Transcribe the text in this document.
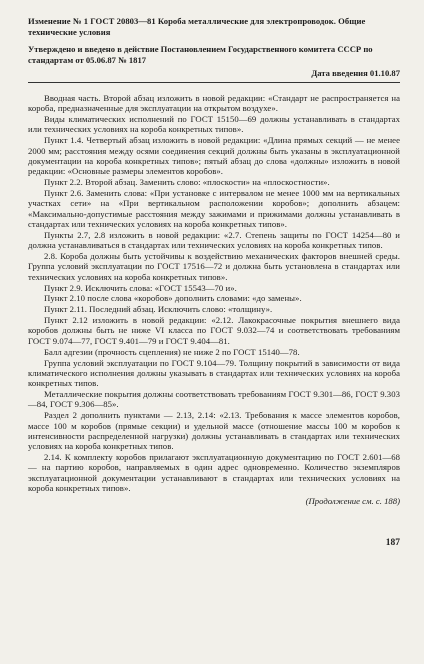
Изменение № 1 ГОСТ 20803—81 Короба металлические для электропроводок. Общие технические условия
Утверждено и введено в действие Постановлением Государственного комитета СССР по стандартам от 05.06.87 № 1817
Дата введения 01.10.87

Вводная часть. Второй абзац изложить в новой редакции: «Стандарт не распространяется на короба, предназначенные для эксплуатации на открытом воздухе».

Виды климатических исполнений по ГОСТ 15150—69 должны устанавливать в стандартах или технических условиях на короба конкретных типов».

Пункт 1.4. Четвертый абзац изложить в новой редакции: «Длина прямых секций — не менее 2000 мм; расстояния между осями соединения секций должны быть указаны в эксплуатационной документации на короба конкретных типов»; пятый абзац до слова «должны» изложить в новой редакции: «Основные размеры элементов коробов».

Пункт 2.2. Второй абзац. Заменить слово: «плоскости» на «плоскостности».

Пункт 2.6. Заменить слова: «При установке с интервалом не менее 1000 мм на вертикальных участках сети» на «При вертикальном расположении коробов»; дополнить абзацем: «Максимально-допустимые расстояния между зажимами и прижимами должны устанавливать в стандартах или технических условиях на короба конкретных типов».

Пункты 2.7, 2.8 изложить в новой редакции: «2.7. Степень защиты по ГОСТ 14254—80 и должна устанавливаться в стандартах или технических условиях на короба конкретных типов.

2.8. Короба должны быть устойчивы к воздействию механических факторов внешней среды. Группа условий эксплуатации по ГОСТ 17516—72 и должна быть установлена в стандартах или технических условиях на короба конкретных типов».

Пункт 2.9. Исключить слова: «ГОСТ 15543—70 и».

Пункт 2.10 после слова «коробов» дополнить словами: «до замены».

Пункт 2.11. Последний абзац. Исключить слово: «толщину».

Пункт 2.12 изложить в новой редакции: «2.12. Лакокрасочные покрытия внешнего вида коробов должны быть не ниже VI класса по ГОСТ 9.032—74 и соответствовать требованиям ГОСТ 9.074—77, ГОСТ 9.401—79 и ГОСТ 9.404—81.

Балл адгезии (прочность сцепления) не ниже 2 по ГОСТ 15140—78.

Группа условий эксплуатации по ГОСТ 9.104—79. Толщину покрытий в зависимости от вида климатического исполнения должны указывать в стандартах или технических условиях на короба конкретных типов.

Металлические покрытия должны соответствовать требованиям ГОСТ 9.301—86, ГОСТ 9.303—84, ГОСТ 9.306—85».

Раздел 2 дополнить пунктами — 2.13, 2.14: «2.13. Требования к массе элементов коробов, массе 100 м коробов (прямые секции) и удельной массе (отношение массы 100 м коробов к интенсивности распределенной нагрузки) должны устанавливать в стандартах или технических условиях на короба конкретных типов.

2.14. К комплекту коробов прилагают эксплуатационную документацию по ГОСТ 2.601—68 — на партию коробов, направляемых в один адрес одновременно. Количество экземпляров эксплуатационной документации устанавливают в стандартах или технических условиях на короба конкретных типов».

(Продолжение см. с. 188)
187
